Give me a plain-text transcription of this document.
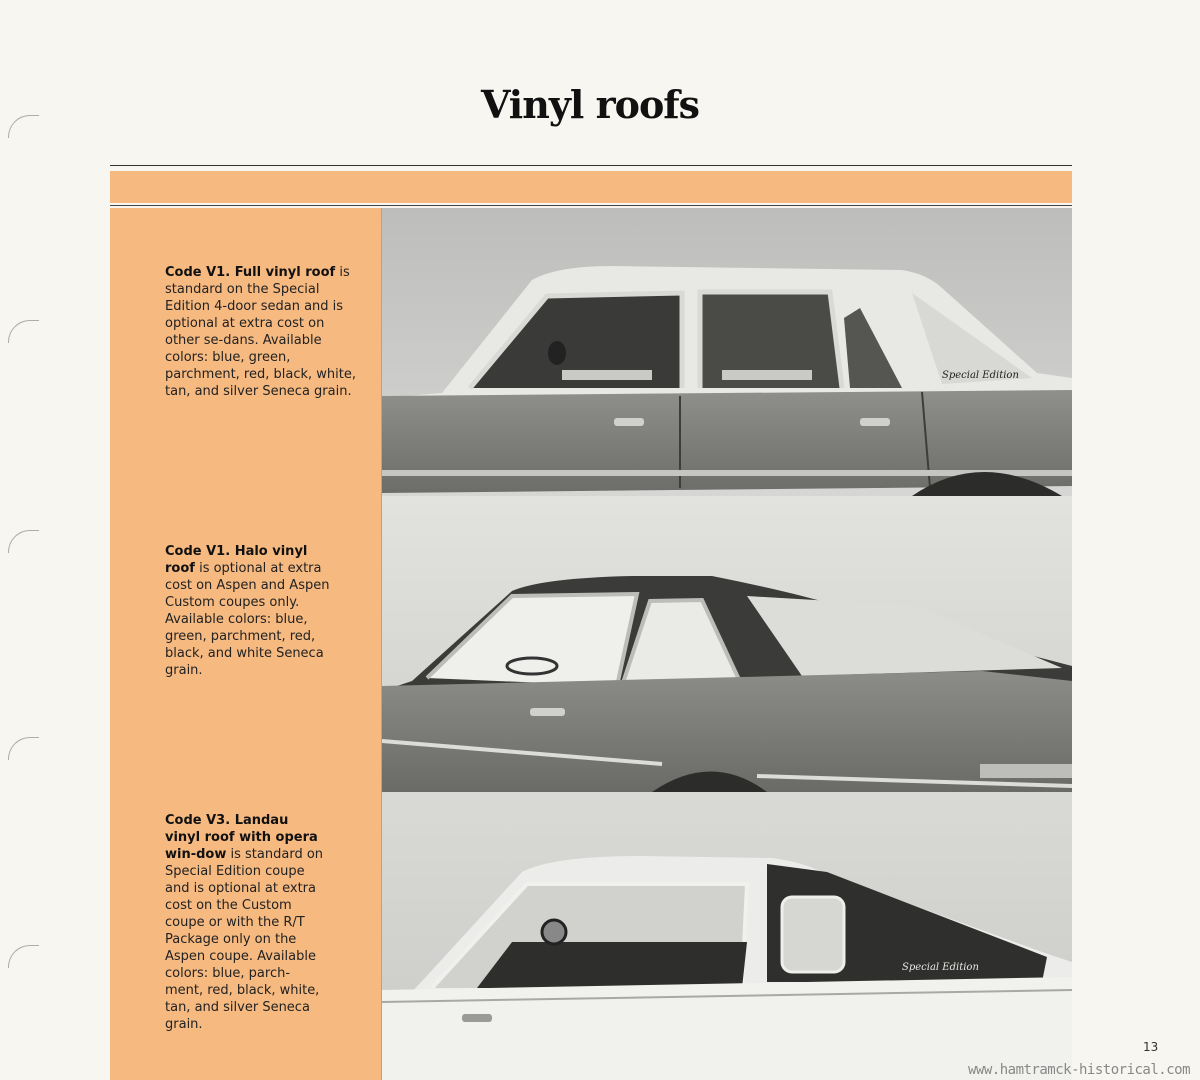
Vinyl roofs
Code V1. Full vinyl roof is standard on the Special Edition 4-door sedan and is optional at extra cost on other se-dans. Available colors: blue, green, parchment, red, black, white, tan, and silver Seneca grain.
Code V1. Halo vinyl roof is optional at extra cost on Aspen and Aspen Custom coupes only. Available colors: blue, green, parchment, red, black, and white Seneca grain.
Code V3. Landau vinyl roof with opera win-dow is standard on Special Edition coupe and is optional at extra cost on the Custom coupe or with the R/T Package only on the Aspen coupe. Available colors: blue, parch-ment, red, black, white, tan, and silver Seneca grain.
Special Edition
Special Edition
13
www.hamtramck-historical.com
